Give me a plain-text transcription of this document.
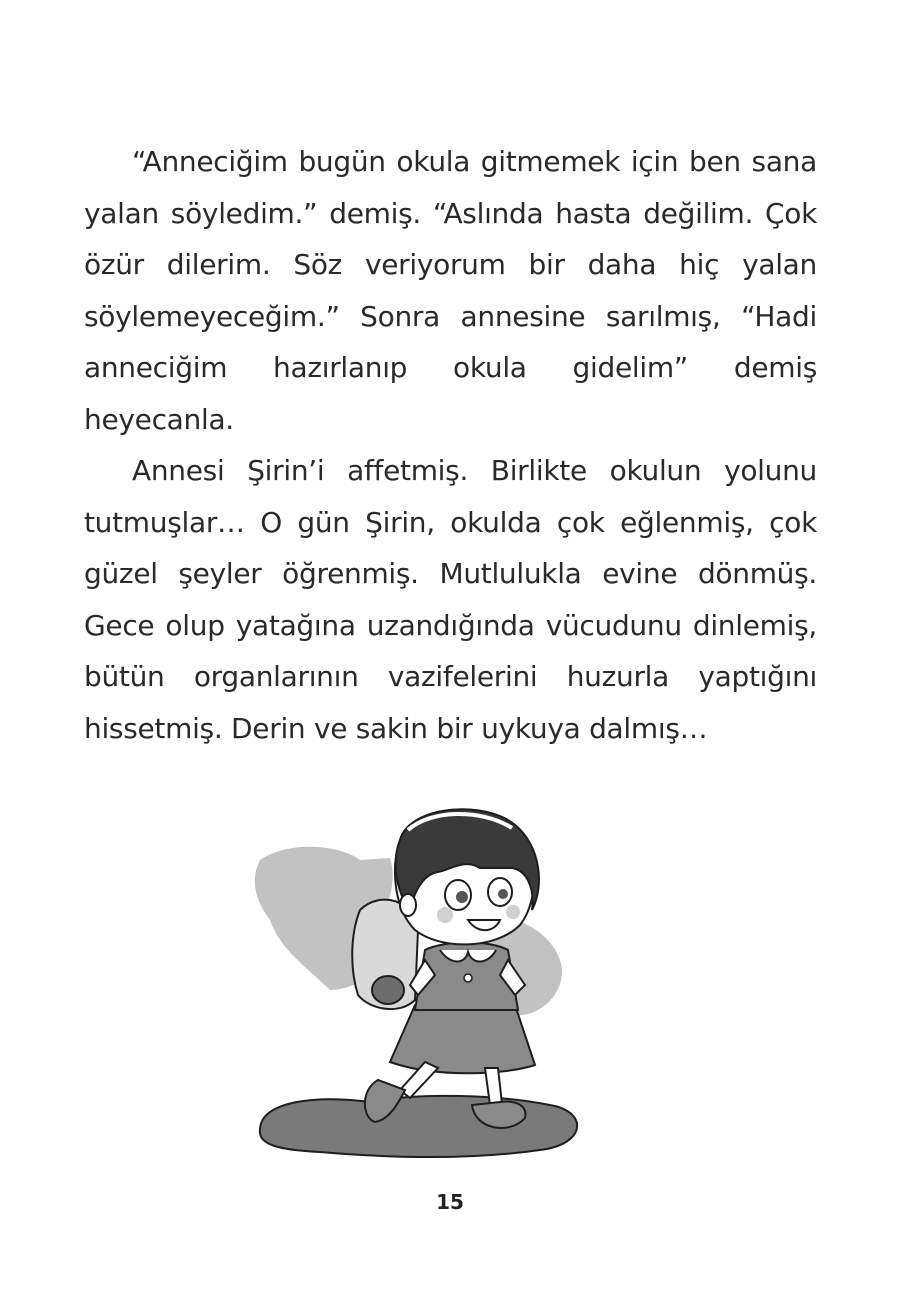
“Anneciğim bugün okula gitmemek için ben sana yalan söyledim.” demiş. “Aslında hasta değilim. Çok özür dilerim. Söz veriyorum bir daha hiç yalan söylemeyeceğim.” Sonra annesine sarılmış, “Hadi anneciğim hazırlanıp okula gidelim” demiş heyecanla.

Annesi Şirin’i affetmiş. Birlikte okulun yolunu tutmuşlar… O gün Şirin, okulda çok eğlenmiş, çok güzel şeyler öğrenmiş. Mutlulukla evine dönmüş. Gece olup yatağına uzandığında vücudunu dinlemiş, bütün organlarının vazifelerini huzurla yaptığını hissetmiş. Derin ve sakin bir uykuya dalmış…

15
